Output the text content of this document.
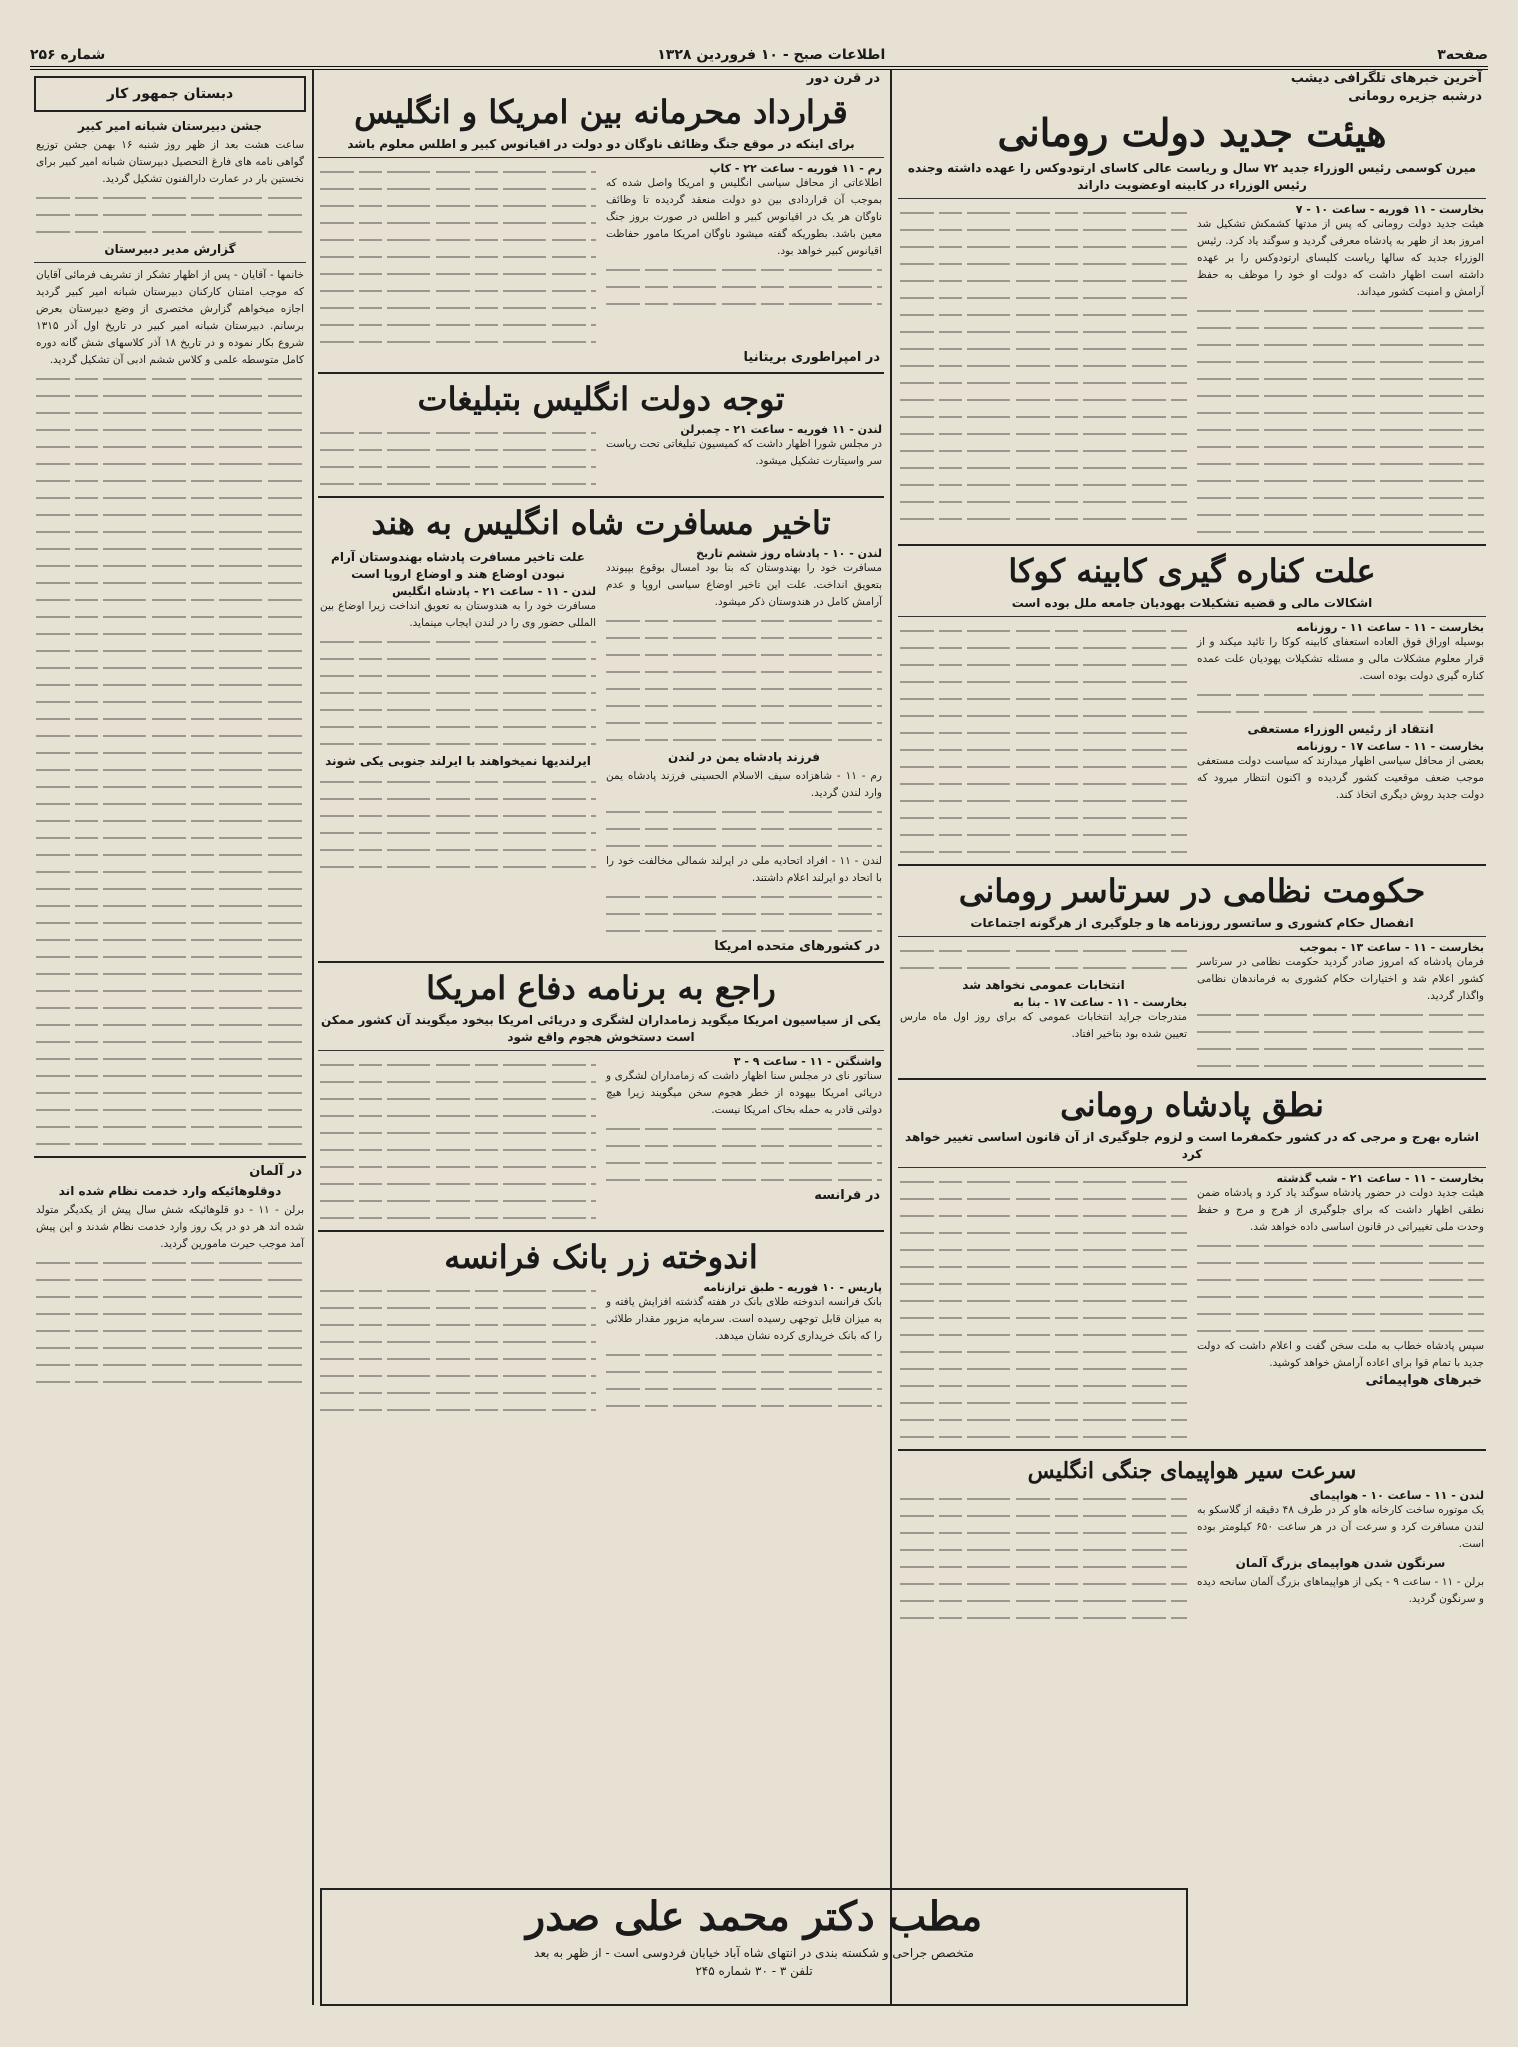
صفحه۳
اطلاعات صبح - ۱۰ فروردین ۱۳۲۸
شماره ۲۵۶
آخرین خبرهای تلگرافی دیشب
درشبه جزیره رومانی
هیئت جدید دولت رومانی
میرن کوسمی رئیس الوزراء جدید ۷۲ سال و ریاست عالی کاسای ارتودوکس را عهده داشته وجنده رئیس الوزراء در کابینه اوعضویت داراند
بخارست - ۱۱ فوریه - ساعت ۱۰ - ۷

هیئت جدید دولت رومانی که پس از مدتها کشمکش تشکیل شد امروز بعد از ظهر به پادشاه معرفی گردید و سوگند یاد کرد. رئیس الوزراء جدید که سالها ریاست کلیسای ارتودوکس را بر عهده داشته است اظهار داشت که دولت او خود را موظف به حفظ آرامش و امنیت کشور میداند.

علت کناره گیری کابینه کوکا
اشکالات مالی و قضیه تشکیلات بهودیان جامعه ملل بوده است
بخارست - ۱۱ - ساعت ۱۱ - روزنامه

بوسیله اوراق فوق العاده استعفای کابینه کوکا را تائید میکند و از قرار معلوم مشکلات مالی و مسئله تشکیلات یهودیان علت عمده کناره گیری دولت بوده است.

انتقاد از رئیس الوزراء مستعفی
بخارست - ۱۱ - ساعت ۱۷ - روزنامه

بعضی از محافل سیاسی اظهار میدارند که سیاست دولت مستعفی موجب ضعف موقعیت کشور گردیده و اکنون انتظار میرود که دولت جدید روش دیگری اتخاذ کند.

حکومت نظامی در سرتاسر رومانی
انفصال حکام کشوری و ساتسور روزنامه ها و جلوگیری از هرگونه اجتماعات
بخارست - ۱۱ - ساعت ۱۳ - بموجب

فرمان پادشاه که امروز صادر گردید حکومت نظامی در سرتاسر کشور اعلام شد و اختیارات حکام کشوری به فرماندهان نظامی واگذار گردید.

انتخابات عمومی نخواهد شد
بخارست - ۱۱ - ساعت ۱۷ - بنا به

مندرجات جراید انتخابات عمومی که برای روز اول ماه مارس تعیین شده بود بتاخیر افتاد.

نطق پادشاه رومانی
اشاره بهرج و مرجی که در کشور حکمفرما است و لزوم جلوگیری از آن قانون اساسی تغییر خواهد کرد
بخارست - ۱۱ - ساعت ۲۱ - شب گذشته

هیئت جدید دولت در حضور پادشاه سوگند یاد کرد و پادشاه ضمن نطقی اظهار داشت که برای جلوگیری از هرج و مرج و حفظ وحدت ملی تغییراتی در قانون اساسی داده خواهد شد.

سپس پادشاه خطاب به ملت سخن گفت و اعلام داشت که دولت جدید با تمام قوا برای اعاده آرامش خواهد کوشید.

خبرهای هواپیمائی
سرعت سیر هواپیمای جنگی انگلیس
لندن - ۱۱ - ساعت ۱۰ - هواپیمای

یک موتوره ساخت کارخانه هاو کر در طرف ۴۸ دقیقه از گلاسکو به لندن مسافرت کرد و سرعت آن در هر ساعت ۶۵۰ کیلومتر بوده است.

سرنگون شدن هواپیمای بزرگ آلمان

برلن - ۱۱ - ساعت ۹ - یکی از هواپیماهای بزرگ آلمان سانحه دیده و سرنگون گردید.

در قرن دور
قرارداد محرمانه بین امریکا و انگلیس
برای اینکه در موقع جنگ وظائف ناوگان دو دولت در اقیانوس کبیر و اطلس معلوم باشد
رم - ۱۱ فوریه - ساعت ۲۲ - کاپ

اطلاعاتی از محافل سیاسی انگلیس و امریکا واصل شده که بموجب آن قراردادی بین دو دولت منعقد گردیده تا وظائف ناوگان هر یک در اقیانوس کبیر و اطلس در صورت بروز جنگ معین باشد. بطوریکه گفته میشود ناوگان امریکا مامور حفاظت اقیانوس کبیر خواهد بود.

در امپراطوری بریتانیا
توجه دولت انگلیس بتبلیغات
لندن - ۱۱ فوریه - ساعت ۲۱ - چمبرلن

در مجلس شورا اظهار داشت که کمیسیون تبلیغاتی تحت ریاست سر واسیتارت تشکیل میشود.

تاخیر مسافرت شاه انگلیس به هند
لندن - ۱۰ - پادشاه روز ششم تاریخ

مسافرت خود را بهندوستان که بنا بود امسال بوقوع بپیوندد بتعویق انداخت. علت این تاخیر اوضاع سیاسی اروپا و عدم آرامش کامل در هندوستان ذکر میشود.

فرزند پادشاه یمن در لندن

رم - ۱۱ - شاهزاده سیف الاسلام الحسینی فرزند پادشاه یمن وارد لندن گردید.

لندن - ۱۱ - افراد اتحادیه ملی در ایرلند شمالی مخالفت خود را با اتحاد دو ایرلند اعلام داشتند.

علت تاخیر مسافرت پادشاه بهندوستان آرام نبودن اوضاع هند و اوضاع اروپا است
لندن - ۱۱ - ساعت ۲۱ - پادشاه انگلیس

مسافرت خود را به هندوستان به تعویق انداخت زیرا اوضاع بین المللی حضور وی را در لندن ایجاب مینماید.

ایرلندیها نمیخواهند با ایرلند جنوبی یکی شوند
در کشورهای متحده امریکا
راجع به برنامه دفاع امریکا
یکی از سیاسیون امریکا میگوید زمامداران لشگری و دریائی امریکا بیخود میگویند آن کشور ممکن است دستخوش هجوم واقع شود
واشنگتن - ۱۱ - ساعت ۹ - ۳

سناتور نای در مجلس سنا اظهار داشت که زمامداران لشگری و دریائی امریکا بیهوده از خطر هجوم سخن میگویند زیرا هیچ دولتی قادر به حمله بخاک امریکا نیست.

در فرانسه
اندوخته زر بانک فرانسه
پاریس - ۱۰ فوریه - طبق ترازنامه

بانک فرانسه اندوخته طلای بانک در هفته گذشته افزایش یافته و به میزان قابل توجهی رسیده است. سرمایه مزبور مقدار طلائی را که بانک خریداری کرده نشان میدهد.

دبستان جمهور کار
جشن دبیرستان شبانه امیر کبیر

ساعت هشت بعد از ظهر روز شنبه ۱۶ بهمن جشن توزیع گواهی نامه های فارغ التحصیل دبیرستان شبانه امیر کبیر برای نخستین بار در عمارت دارالفنون تشکیل گردید.

گزارش مدیر دبیرستان

خانمها - آقایان - پس از اظهار تشکر از تشریف فرمائی آقایان که موجب امتنان کارکنان دبیرستان شبانه امیر کبیر گردید اجازه میخواهم گزارش مختصری از وضع دبیرستان بعرض برسانم. دبیرستان شبانه امیر کبیر در تاریخ اول آذر ۱۳۱۵ شروع بکار نموده و در تاریخ ۱۸ آذر کلاسهای شش گانه دوره کامل متوسطه علمی و کلاس ششم ادبی آن تشکیل گردید.

در آلمان
دوقلوهائیکه وارد خدمت نظام شده اند

برلن - ۱۱ - دو قلوهائیکه شش سال پیش از یکدیگر متولد شده اند هر دو در یک روز وارد خدمت نظام شدند و این پیش آمد موجب حیرت مامورین گردید.

مطب دکتر محمد علی صدر
متخصص جراحی و شکسته بندی در انتهای شاه آباد خیابان فردوسی است - از ظهر به بعد
تلفن ۳ - ۳۰ شماره ۲۴۵
